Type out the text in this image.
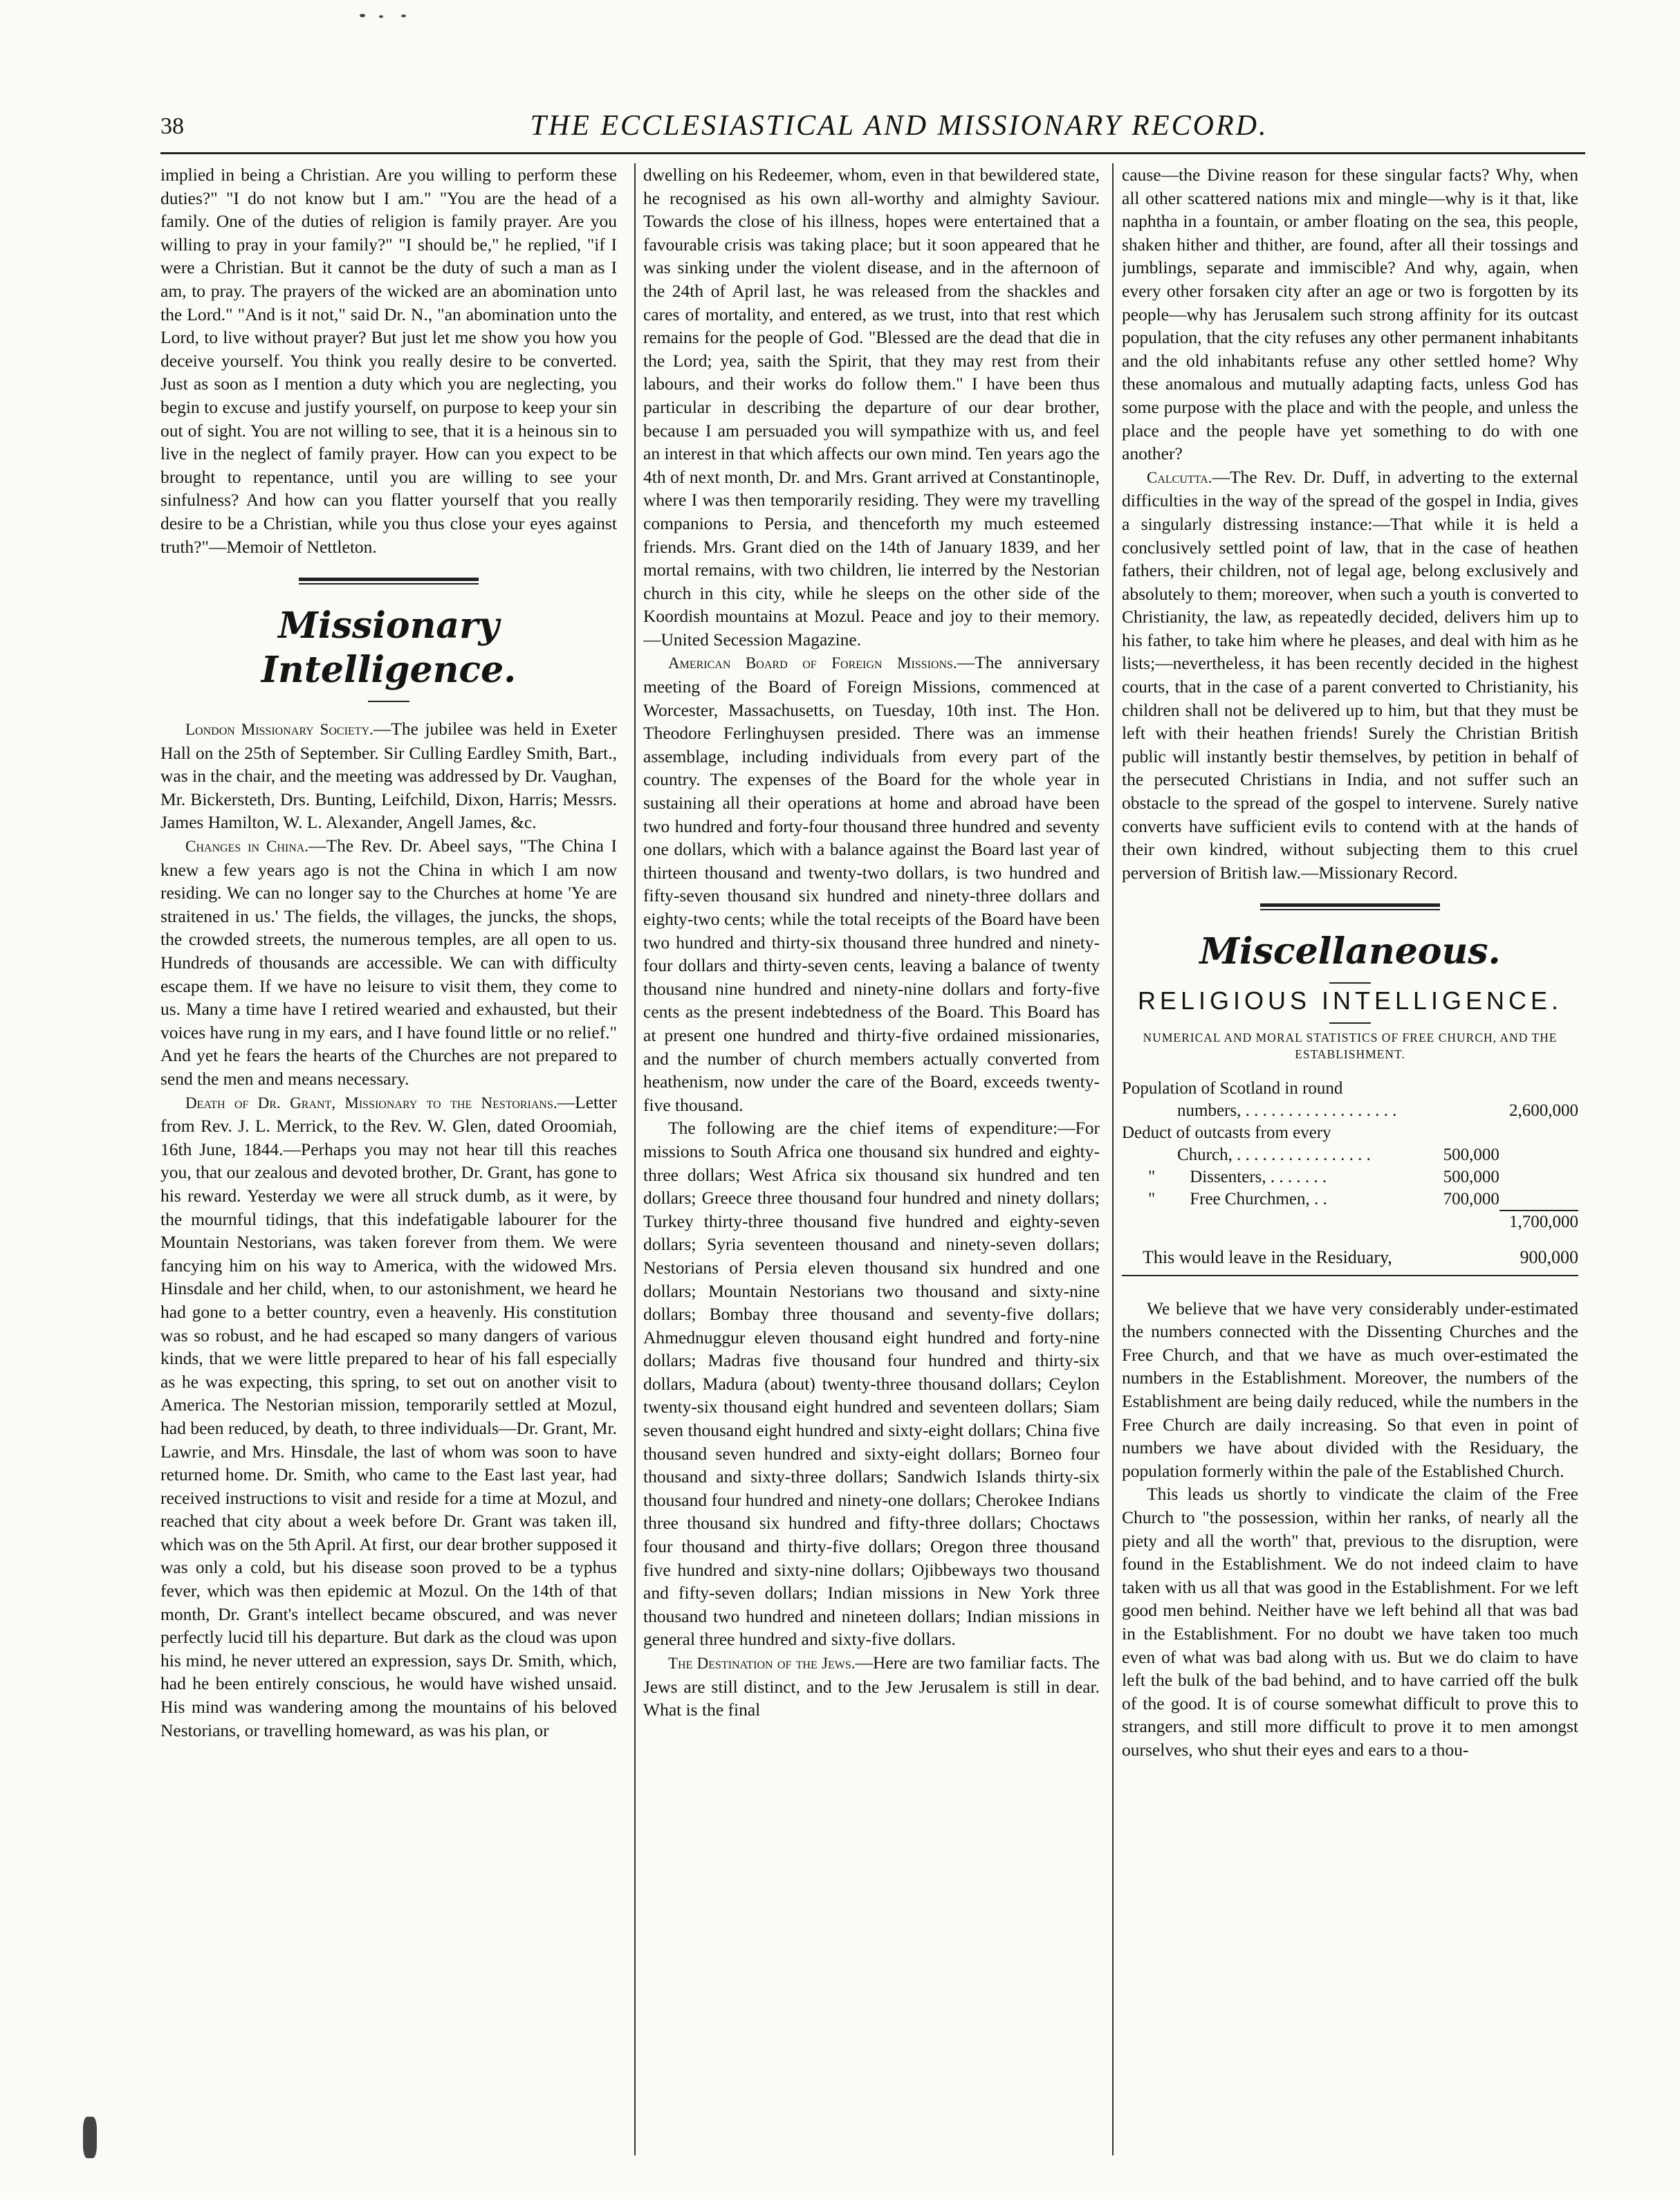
38	THE ECCLESIASTICAL AND MISSIONARY RECORD.

implied in being a Christian. Are you willing to perform these duties?" "I do not know but I am." "You are the head of a family. One of the duties of religion is family prayer. Are you willing to pray in your family?" "I should be," he replied, "if I were a Christian. But it cannot be the duty of such a man as I am, to pray. The prayers of the wicked are an abomination unto the Lord." "And is it not," said Dr. N., "an abomination unto the Lord, to live without prayer? But just let me show you how you deceive yourself. You think you really desire to be converted. Just as soon as I mention a duty which you are neglecting, you begin to excuse and justify yourself, on purpose to keep your sin out of sight. You are not willing to see, that it is a heinous sin to live in the neglect of family prayer. How can you expect to be brought to repentance, until you are willing to see your sinfulness? And how can you flatter yourself that you really desire to be a Christian, while you thus close your eyes against truth?"—Memoir of Nettleton.

Missionary Intelligence.

London Missionary Society.—The jubilee was held in Exeter Hall on the 25th of September. Sir Culling Eardley Smith, Bart., was in the chair, and the meeting was addressed by Dr. Vaughan, Mr. Bickersteth, Drs. Bunting, Leifchild, Dixon, Harris; Messrs. James Hamilton, W. L. Alexander, Angell James, &c.

Changes in China.—The Rev. Dr. Abeel says, "The China I knew a few years ago is not the China in which I am now residing. We can no longer say to the Churches at home 'Ye are straitened in us.' The fields, the villages, the juncks, the shops, the crowded streets, the numerous temples, are all open to us. Hundreds of thousands are accessible. We can with difficulty escape them. If we have no leisure to visit them, they come to us. Many a time have I retired wearied and exhausted, but their voices have rung in my ears, and I have found little or no relief." And yet he fears the hearts of the Churches are not prepared to send the men and means necessary.

Death of Dr. Grant, Missionary to the Nestorians.—Letter from Rev. J. L. Merrick, to the Rev. W. Glen, dated Oroomiah, 16th June, 1844.—Perhaps you may not hear till this reaches you, that our zealous and devoted brother, Dr. Grant, has gone to his reward. Yesterday we were all struck dumb, as it were, by the mournful tidings, that this indefatigable labourer for the Mountain Nestorians, was taken forever from them. We were fancying him on his way to America, with the widowed Mrs. Hinsdale and her child, when, to our astonishment, we heard he had gone to a better country, even a heavenly. His constitution was so robust, and he had escaped so many dangers of various kinds, that we were little prepared to hear of his fall especially as he was expecting, this spring, to set out on another visit to America. The Nestorian mission, temporarily settled at Mozul, had been reduced, by death, to three individuals—Dr. Grant, Mr. Lawrie, and Mrs. Hinsdale, the last of whom was soon to have returned home. Dr. Smith, who came to the East last year, had received instructions to visit and reside for a time at Mozul, and reached that city about a week before Dr. Grant was taken ill, which was on the 5th April. At first, our dear brother supposed it was only a cold, but his disease soon proved to be a typhus fever, which was then epidemic at Mozul. On the 14th of that month, Dr. Grant's intellect became obscured, and was never perfectly lucid till his departure. But dark as the cloud was upon his mind, he never uttered an expression, says Dr. Smith, which, had he been entirely conscious, he would have wished unsaid. His mind was wandering among the mountains of his beloved Nestorians, or travelling homeward, as was his plan, or

dwelling on his Redeemer, whom, even in that bewildered state, he recognised as his own all-worthy and almighty Saviour. Towards the close of his illness, hopes were entertained that a favourable crisis was taking place; but it soon appeared that he was sinking under the violent disease, and in the afternoon of the 24th of April last, he was released from the shackles and cares of mortality, and entered, as we trust, into that rest which remains for the people of God. "Blessed are the dead that die in the Lord; yea, saith the Spirit, that they may rest from their labours, and their works do follow them." I have been thus particular in describing the departure of our dear brother, because I am persuaded you will sympathize with us, and feel an interest in that which affects our own mind. Ten years ago the 4th of next month, Dr. and Mrs. Grant arrived at Constantinople, where I was then temporarily residing. They were my travelling companions to Persia, and thenceforth my much esteemed friends. Mrs. Grant died on the 14th of January 1839, and her mortal remains, with two children, lie interred by the Nestorian church in this city, while he sleeps on the other side of the Koordish mountains at Mozul. Peace and joy to their memory.—United Secession Magazine.

American Board of Foreign Missions.—The anniversary meeting of the Board of Foreign Missions, commenced at Worcester, Massachusetts, on Tuesday, 10th inst. The Hon. Theodore Ferlinghuysen presided. There was an immense assemblage, including individuals from every part of the country. The expenses of the Board for the whole year in sustaining all their operations at home and abroad have been two hundred and forty-four thousand three hundred and seventy one dollars, which with a balance against the Board last year of thirteen thousand and twenty-two dollars, is two hundred and fifty-seven thousand six hundred and ninety-three dollars and eighty-two cents; while the total receipts of the Board have been two hundred and thirty-six thousand three hundred and ninety-four dollars and thirty-seven cents, leaving a balance of twenty thousand nine hundred and ninety-nine dollars and forty-five cents as the present indebtedness of the Board. This Board has at present one hundred and thirty-five ordained missionaries, and the number of church members actually converted from heathenism, now under the care of the Board, exceeds twenty-five thousand.

The following are the chief items of expenditure:—For missions to South Africa one thousand six hundred and eighty-three dollars; West Africa six thousand six hundred and ten dollars; Greece three thousand four hundred and ninety dollars; Turkey thirty-three thousand five hundred and eighty-seven dollars; Syria seventeen thousand and ninety-seven dollars; Nestorians of Persia eleven thousand six hundred and one dollars; Mountain Nestorians two thousand and sixty-nine dollars; Bombay three thousand and seventy-five dollars; Ahmednuggur eleven thousand eight hundred and forty-nine dollars; Madras five thousand four hundred and thirty-six dollars, Madura (about) twenty-three thousand dollars; Ceylon twenty-six thousand eight hundred and seventeen dollars; Siam seven thousand eight hundred and sixty-eight dollars; China five thousand seven hundred and sixty-eight dollars; Borneo four thousand and sixty-three dollars; Sandwich Islands thirty-six thousand four hundred and ninety-one dollars; Cherokee Indians three thousand six hundred and fifty-three dollars; Choctaws four thousand and thirty-five dollars; Oregon three thousand five hundred and sixty-nine dollars; Ojibbeways two thousand and fifty-seven dollars; Indian missions in New York three thousand two hundred and nineteen dollars; Indian missions in general three hundred and sixty-five dollars.

The Destination of the Jews.—Here are two familiar facts. The Jews are still distinct, and to the Jew Jerusalem is still in dear. What is the final

cause—the Divine reason for these singular facts? Why, when all other scattered nations mix and mingle—why is it that, like naphtha in a fountain, or amber floating on the sea, this people, shaken hither and thither, are found, after all their tossings and jumblings, separate and immiscible? And why, again, when every other forsaken city after an age or two is forgotten by its people—why has Jerusalem such strong affinity for its outcast population, that the city refuses any other permanent inhabitants and the old inhabitants refuse any other settled home? Why these anomalous and mutually adapting facts, unless God has some purpose with the place and with the people, and unless the place and the people have yet something to do with one another?

Calcutta.—The Rev. Dr. Duff, in adverting to the external difficulties in the way of the spread of the gospel in India, gives a singularly distressing instance:—That while it is held a conclusively settled point of law, that in the case of heathen fathers, their children, not of legal age, belong exclusively and absolutely to them; moreover, when such a youth is converted to Christianity, the law, as repeatedly decided, delivers him up to his father, to take him where he pleases, and deal with him as he lists;—nevertheless, it has been recently decided in the highest courts, that in the case of a parent converted to Christianity, his children shall not be delivered up to him, but that they must be left with their heathen friends! Surely the Christian British public will instantly bestir themselves, by petition in behalf of the persecuted Christians in India, and not suffer such an obstacle to the spread of the gospel to intervene. Surely native converts have sufficient evils to contend with at the hands of their own kindred, without subjecting them to this cruel perversion of British law.—Missionary Record.

Miscellaneous.
RELIGIOUS INTELLIGENCE.
NUMERICAL AND MORAL STATISTICS OF FREE CHURCH, AND THE ESTABLISHMENT.
Population of Scotland in round		
numbers, . . . . . . . . . . . . . . . . . .		2,600,000
Deduct of outcasts from every		
Church, . . . . . . . . . . . . . . . .	500,000	
" Dissenters, . . . . . . .	500,000	
" Free Churchmen, . .	700,000	
		1,700,000
This would leave in the Residuary,	900,000

We believe that we have very considerably under-estimated the numbers connected with the Dissenting Churches and the Free Church, and that we have as much over-estimated the numbers in the Establishment. Moreover, the numbers of the Establishment are being daily reduced, while the numbers in the Free Church are daily increasing. So that even in point of numbers we have about divided with the Residuary, the population formerly within the pale of the Established Church.

This leads us shortly to vindicate the claim of the Free Church to "the possession, within her ranks, of nearly all the piety and all the worth" that, previous to the disruption, were found in the Establishment. We do not indeed claim to have taken with us all that was good in the Establishment. For we left good men behind. Neither have we left behind all that was bad in the Establishment. For no doubt we have taken too much even of what was bad along with us. But we do claim to have left the bulk of the bad behind, and to have carried off the bulk of the good. It is of course somewhat difficult to prove this to strangers, and still more difficult to prove it to men amongst ourselves, who shut their eyes and ears to a thou-
